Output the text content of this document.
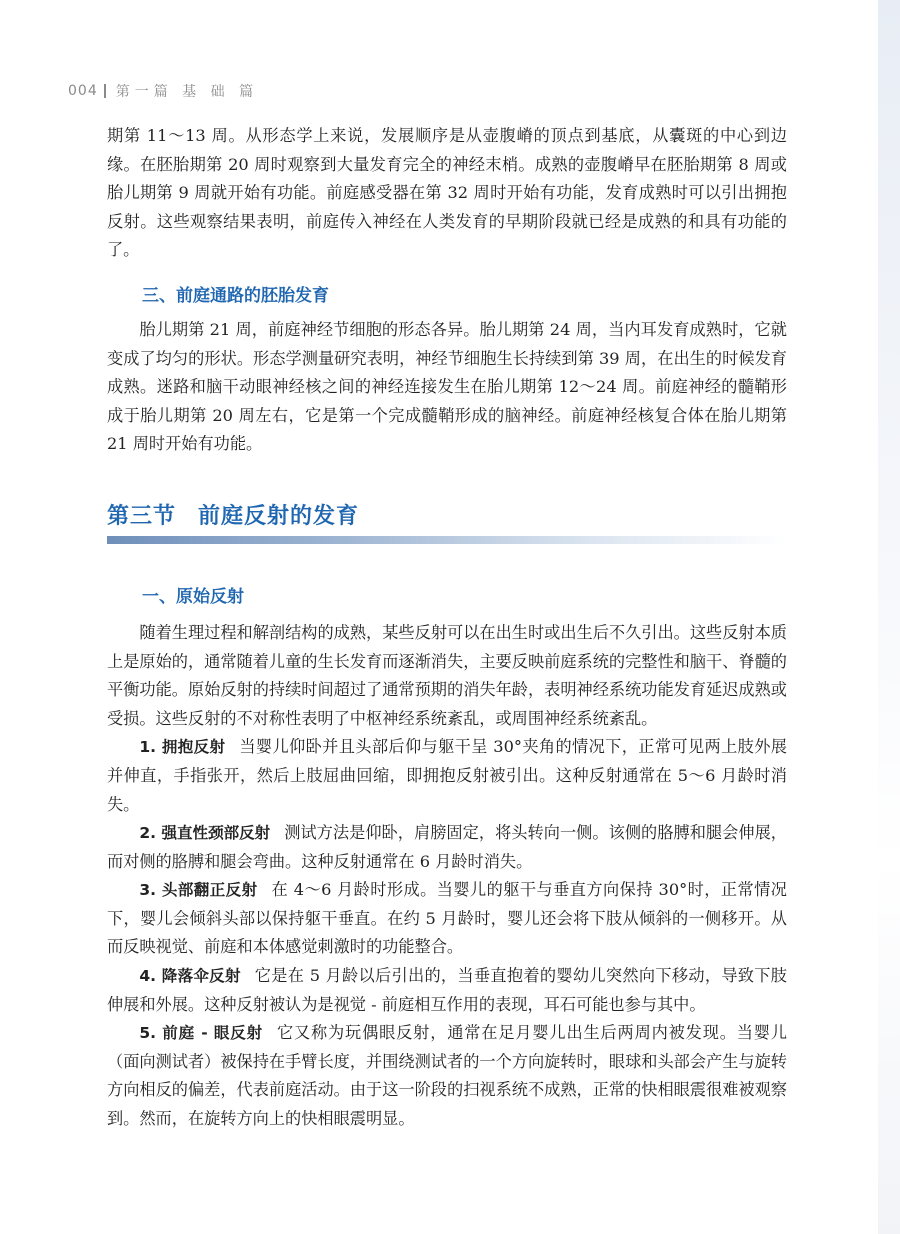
004 第一篇 基 础 篇

期第 11～13 周。从形态学上来说，发展顺序是从壶腹嵴的顶点到基底，从囊斑的中心到边缘。在胚胎期第 20 周时观察到大量发育完全的神经末梢。成熟的壶腹嵴早在胚胎期第 8 周或胎儿期第 9 周就开始有功能。前庭感受器在第 32 周时开始有功能，发育成熟时可以引出拥抱反射。这些观察结果表明，前庭传入神经在人类发育的早期阶段就已经是成熟的和具有功能的了。

三、前庭通路的胚胎发育

胎儿期第 21 周，前庭神经节细胞的形态各异。胎儿期第 24 周，当内耳发育成熟时，它就变成了均匀的形状。形态学测量研究表明，神经节细胞生长持续到第 39 周，在出生的时候发育成熟。迷路和脑干动眼神经核之间的神经连接发生在胎儿期第 12～24 周。前庭神经的髓鞘形成于胎儿期第 20 周左右，它是第一个完成髓鞘形成的脑神经。前庭神经核复合体在胎儿期第 21 周时开始有功能。

第三节 前庭反射的发育
一、原始反射

随着生理过程和解剖结构的成熟，某些反射可以在出生时或出生后不久引出。这些反射本质上是原始的，通常随着儿童的生长发育而逐渐消失，主要反映前庭系统的完整性和脑干、脊髓的平衡功能。原始反射的持续时间超过了通常预期的消失年龄，表明神经系统功能发育延迟成熟或受损。这些反射的不对称性表明了中枢神经系统紊乱，或周围神经系统紊乱。

1. 拥抱反射 当婴儿仰卧并且头部后仰与躯干呈 30°夹角的情况下，正常可见两上肢外展并伸直，手指张开，然后上肢屈曲回缩，即拥抱反射被引出。这种反射通常在 5～6 月龄时消失。

2. 强直性颈部反射 测试方法是仰卧，肩膀固定，将头转向一侧。该侧的胳膊和腿会伸展，而对侧的胳膊和腿会弯曲。这种反射通常在 6 月龄时消失。

3. 头部翻正反射 在 4～6 月龄时形成。当婴儿的躯干与垂直方向保持 30°时，正常情况下，婴儿会倾斜头部以保持躯干垂直。在约 5 月龄时，婴儿还会将下肢从倾斜的一侧移开。从而反映视觉、前庭和本体感觉刺激时的功能整合。

4. 降落伞反射 它是在 5 月龄以后引出的，当垂直抱着的婴幼儿突然向下移动，导致下肢伸展和外展。这种反射被认为是视觉 - 前庭相互作用的表现，耳石可能也参与其中。

5. 前庭 - 眼反射 它又称为玩偶眼反射，通常在足月婴儿出生后两周内被发现。当婴儿（面向测试者）被保持在手臂长度，并围绕测试者的一个方向旋转时，眼球和头部会产生与旋转方向相反的偏差，代表前庭活动。由于这一阶段的扫视系统不成熟，正常的快相眼震很难被观察到。然而，在旋转方向上的快相眼震明显。
